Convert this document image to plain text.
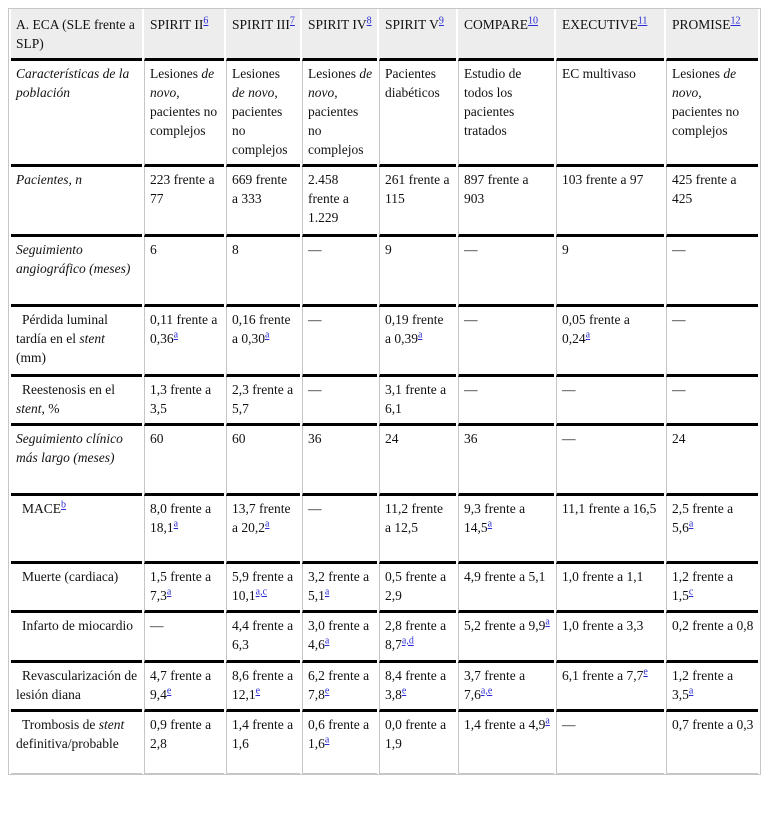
A. ECA (SLE frente a SLP)	SPIRIT II$^6$	SPIRIT III$^7$	SPIRIT IV$^8$	SPIRIT V$^9$	COMPARE$^{10}$	EXECUTIVE$^{11}$	PROMISE$^{12}$
Características de la población	Lesiones de novo, pacientes no complejos	Lesiones de novo, pacientes no complejos	Lesiones de novo, pacientes no complejos	Pacientes diabéticos	Estudio de todos los pacientes tratados	EC multivaso	Lesiones de novo, pacientes no complejos
Pacientes, n	223 frente a 77	669 frente a 333	2.458 frente a 1.229	261 frente a 115	897 frente a 903	103 frente a 97	425 frente a 425
Seguimiento angiográfico (meses)	6	8	—	9	—	9	—
Pérdida luminal tardía en el stent (mm)	0,11 frente a 0,36$^a$	0,16 frente a 0,30$^a$	—	0,19 frente a 0,39$^a$	—	0,05 frente a 0,24$^a$	—
Reestenosis en el stent, %	1,3 frente a 3,5	2,3 frente a 5,7	—	3,1 frente a 6,1	—	—	—
Seguimiento clínico más largo (meses)	60	60	36	24	36	—	24
MACE$^b$	8,0 frente a 18,1$^a$	13,7 frente a 20,2$^a$	—	11,2 frente a 12,5	9,3 frente a 14,5$^a$	11,1 frente a 16,5	2,5 frente a 5,6$^a$
Muerte (cardiaca)	1,5 frente a 7,3$^a$	5,9 frente a 10,1$^{a,c}$	3,2 frente a 5,1$^a$	0,5 frente a 2,9	4,9 frente a 5,1	1,0 frente a 1,1	1,2 frente a 1,5$^c$
Infarto de miocardio	—	4,4 frente a 6,3	3,0 frente a 4,6$^a$	2,8 frente a 8,7$^{a,d}$	5,2 frente a 9,9$^a$	1,0 frente a 3,3	0,2 frente a 0,8
Revascularización de lesión diana	4,7 frente a 9,4e	8,6 frente a 12,1e	6,2 frente a 7,8e	8,4 frente a 3,8e	3,7 frente a 7,6$^{a,e}$	6,1 frente a 7,7e	1,2 frente a 3,5$^a$
Trombosis de stent definitiva/probable	0,9 frente a 2,8	1,4 frente a 1,6	0,6 frente a 1,6$^a$	0,0 frente a 1,9	1,4 frente a 4,9$^a$	—	0,7 frente a 0,3
